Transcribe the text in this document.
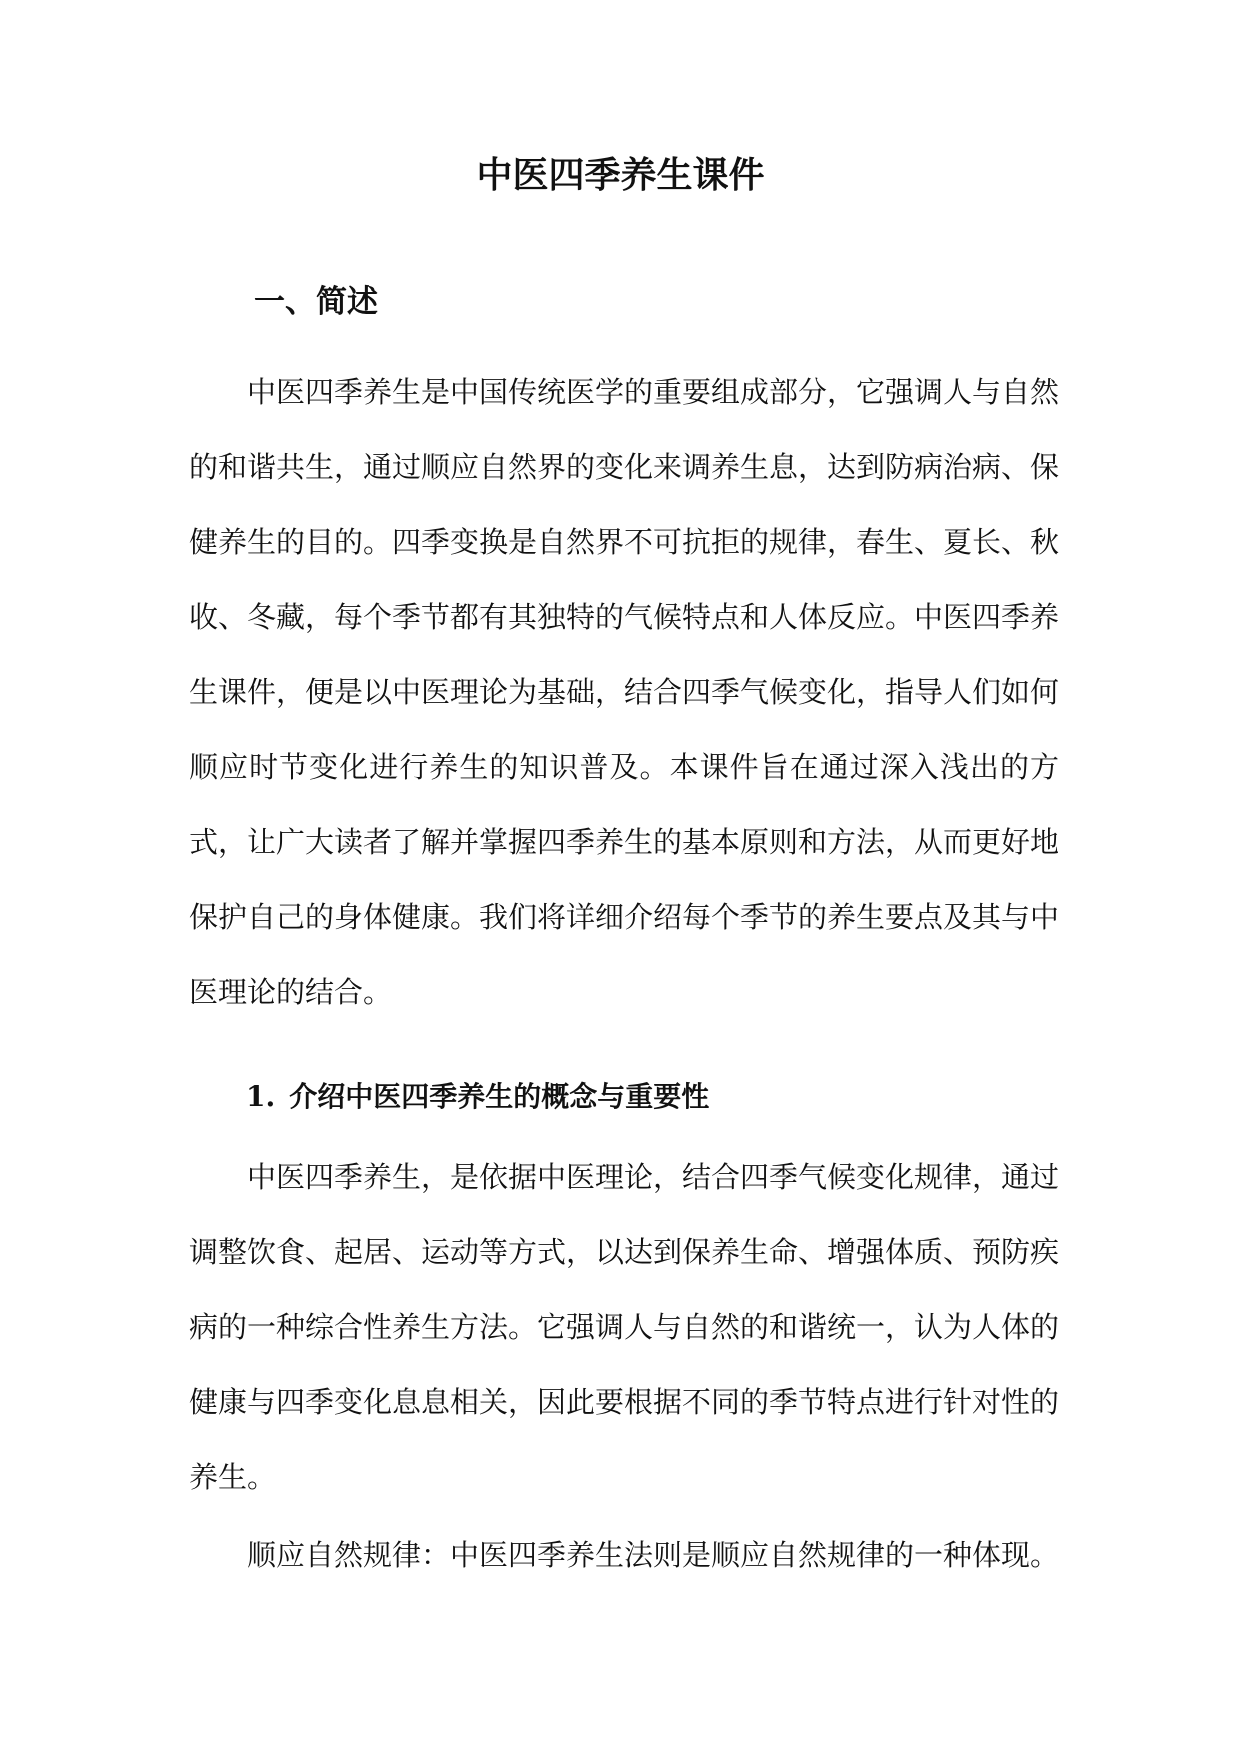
中医四季养生课件
一、简述

中医四季养生是中国传统医学的重要组成部分，它强调人与自然的和谐共生，通过顺应自然界的变化来调养生息，达到防病治病、保健养生的目的。四季变换是自然界不可抗拒的规律，春生、夏长、秋收、冬藏，每个季节都有其独特的气候特点和人体反应。中医四季养生课件，便是以中医理论为基础，结合四季气候变化，指导人们如何顺应时节变化进行养生的知识普及。本课件旨在通过深入浅出的方式，让广大读者了解并掌握四季养生的基本原则和方法，从而更好地保护自己的身体健康。我们将详细介绍每个季节的养生要点及其与中医理论的结合。

1. 介绍中医四季养生的概念与重要性

中医四季养生，是依据中医理论，结合四季气候变化规律，通过调整饮食、起居、运动等方式，以达到保养生命、增强体质、预防疾病的一种综合性养生方法。它强调人与自然的和谐统一，认为人体的健康与四季变化息息相关，因此要根据不同的季节特点进行针对性的养生。

顺应自然规律：中医四季养生法则是顺应自然规律的一种体现。
